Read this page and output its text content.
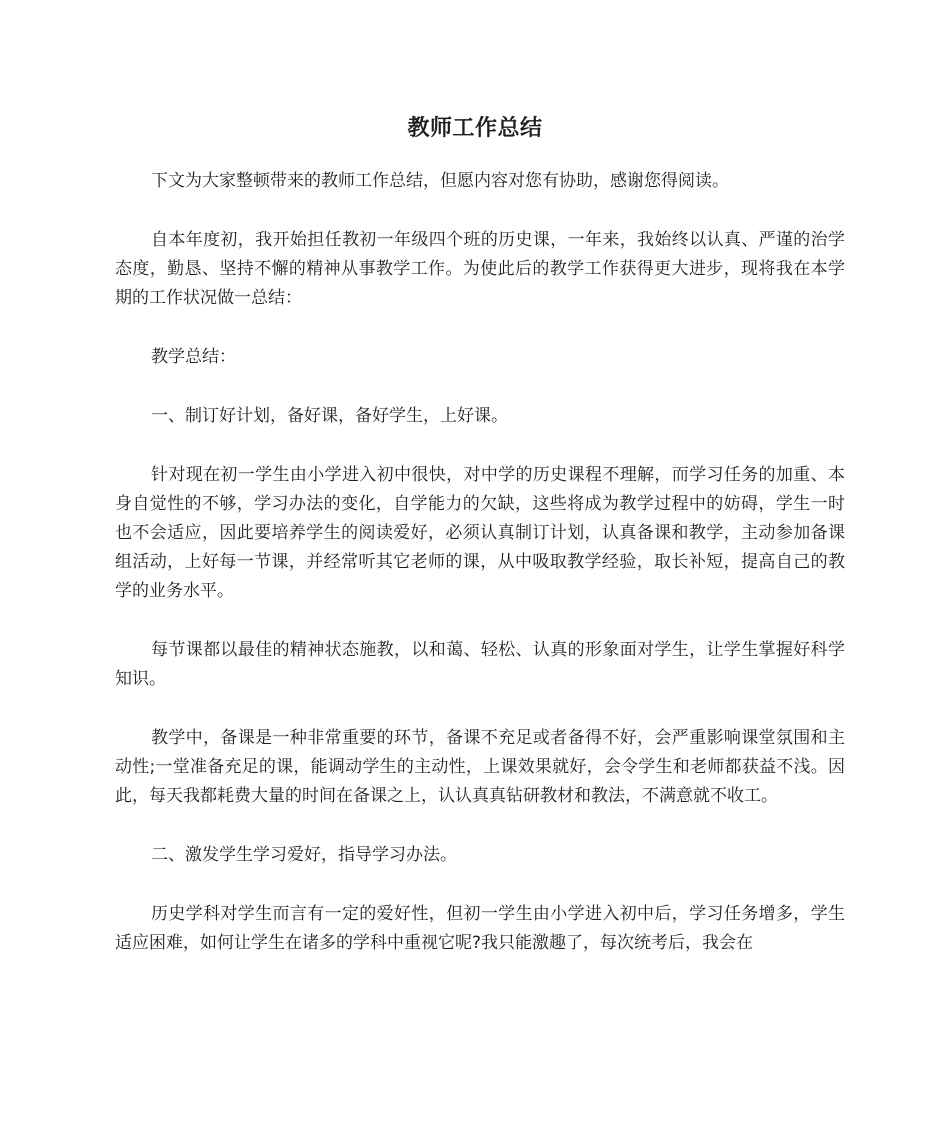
教师工作总结

下文为大家整顿带来的教师工作总结，但愿内容对您有协助，感谢您得阅读。

自本年度初，我开始担任教初一年级四个班的历史课，一年来，我始终以认真、严谨的治学态度，勤恳、坚持不懈的精神从事教学工作。为使此后的教学工作获得更大进步，现将我在本学期的工作状况做一总结：

教学总结：

一、制订好计划，备好课，备好学生，上好课。

针对现在初一学生由小学进入初中很快，对中学的历史课程不理解，而学习任务的加重、本身自觉性的不够，学习办法的变化，自学能力的欠缺，这些将成为教学过程中的妨碍，学生一时也不会适应，因此要培养学生的阅读爱好，必须认真制订计划，认真备课和教学，主动参加备课组活动，上好每一节课，并经常听其它老师的课，从中吸取教学经验，取长补短，提高自己的教学的业务水平。

每节课都以最佳的精神状态施教，以和蔼、轻松、认真的形象面对学生，让学生掌握好科学知识。

教学中，备课是一种非常重要的环节，备课不充足或者备得不好，会严重影响课堂氛围和主动性;一堂准备充足的课，能调动学生的主动性，上课效果就好，会令学生和老师都获益不浅。因此，每天我都耗费大量的时间在备课之上，认认真真钻研教材和教法，不满意就不收工。

二、激发学生学习爱好，指导学习办法。

历史学科对学生而言有一定的爱好性，但初一学生由小学进入初中后，学习任务增多，学生适应困难，如何让学生在诸多的学科中重视它呢?我只能激趣了，每次统考后，我会在
